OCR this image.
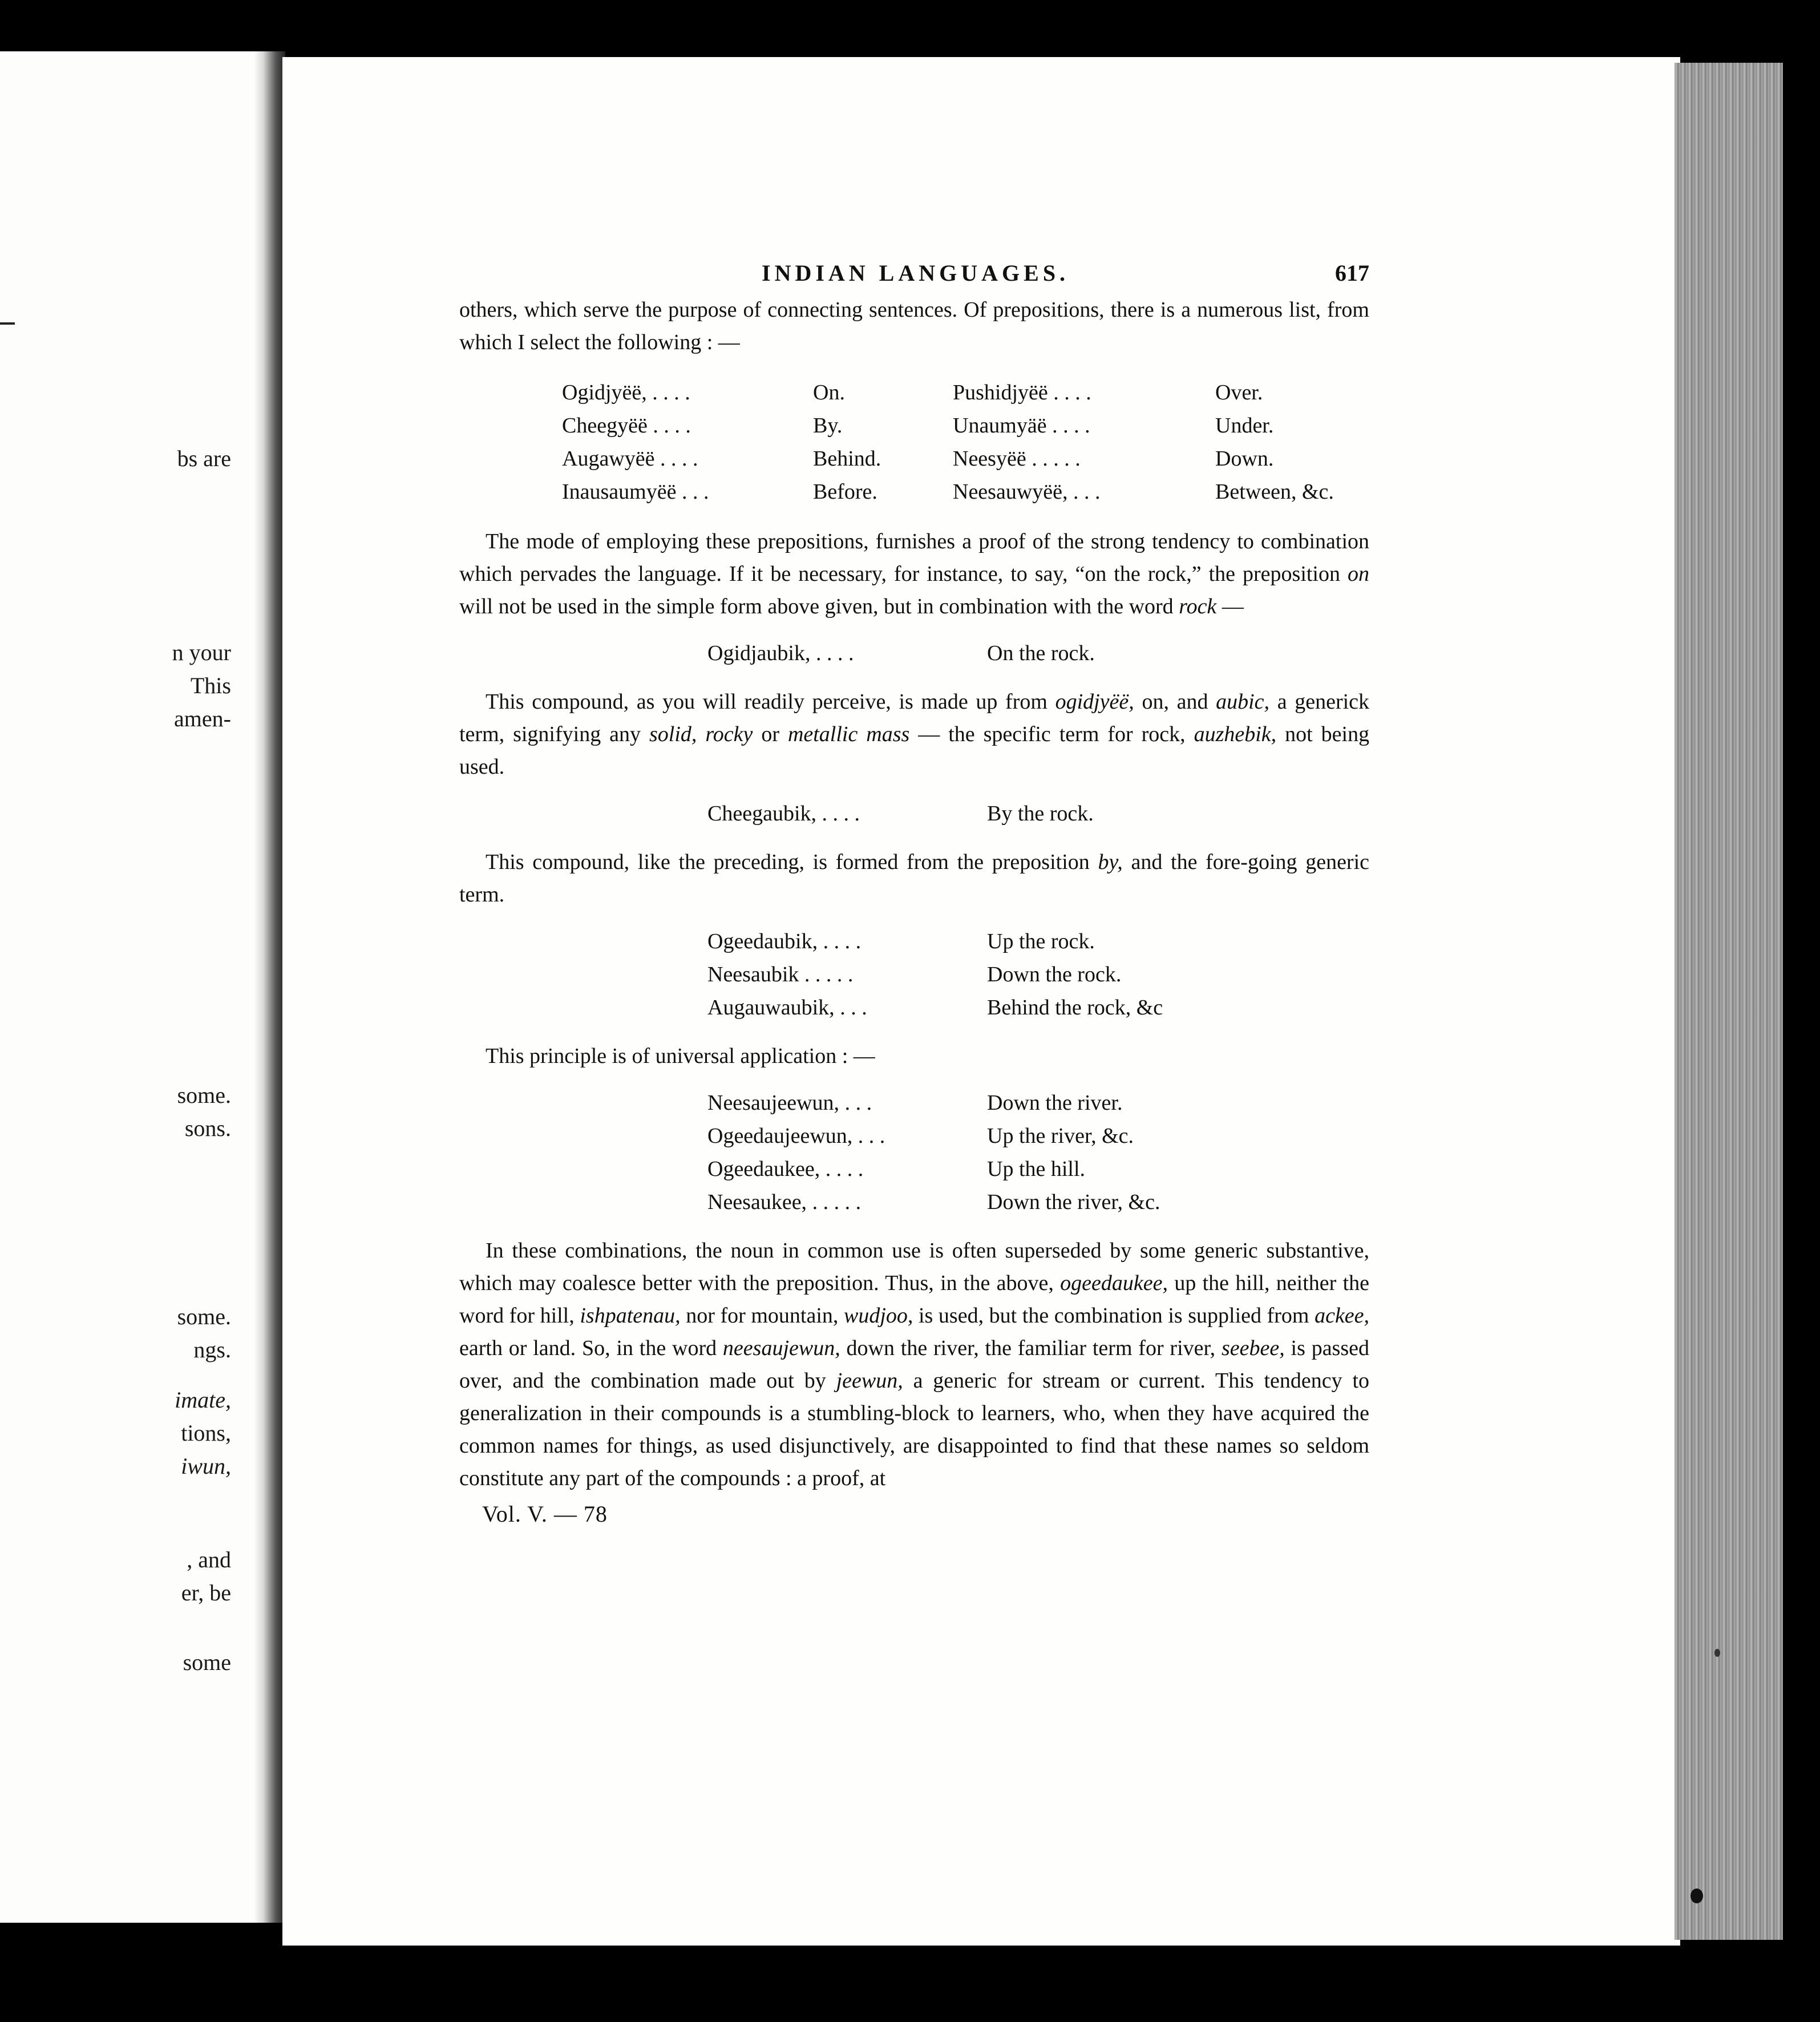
bs are
n your
This
amen-
some.
sons.
some.
ngs.
imate,
tions,
iwun,
, and
er, be
some
INDIAN LANGUAGES.	617

others, which serve the purpose of connecting sentences. Of prepositions, there is a numerous list, from which I select the following : —

Ogidjyëë, . . . .	On.	Pushidjyëë . . . .	Over.
Cheegyëë . . . .	By.	Unaumyäë . . . .	Under.
Augawyëë . . . .	Behind.	Neesyëë . . . . .	Down.
Inausaumyëë . . .	Before.	Neesauwyëë, . . .	Between, &c.

The mode of employing these prepositions, furnishes a proof of the strong tendency to combination which pervades the language. If it be necessary, for instance, to say, “on the rock,” the preposition on will not be used in the simple form above given, but in combination with the word rock —

Ogidjaubik, . . . .	On the rock.

This compound, as you will readily perceive, is made up from ogidjyëë, on, and aubic, a generick term, signifying any solid, rocky or metallic mass — the specific term for rock, auzhebik, not being used.

Cheegaubik, . . . .	By the rock.

This compound, like the preceding, is formed from the preposition by, and the fore-going generic term.

Ogeedaubik, . . . .	Up the rock.
Neesaubik . . . . .	Down the rock.
Augauwaubik, . . .	Behind the rock, &c

This principle is of universal application : —

Neesaujeewun, . . .	Down the river.
Ogeedaujeewun, . . .	Up the river, &c.
Ogeedaukee, . . . .	Up the hill.
Neesaukee, . . . . .	Down the river, &c.

In these combinations, the noun in common use is often superseded by some generic substantive, which may coalesce better with the preposition. Thus, in the above, ogeedaukee, up the hill, neither the word for hill, ishpatenau, nor for mountain, wudjoo, is used, but the combination is supplied from ackee, earth or land. So, in the word neesaujewun, down the river, the familiar term for river, seebee, is passed over, and the combination made out by jeewun, a generic for stream or current. This tendency to generalization in their compounds is a stumbling-block to learners, who, when they have acquired the common names for things, as used disjunctively, are disappointed to find that these names so seldom constitute any part of the compounds : a proof, at

Vol. V. — 78
